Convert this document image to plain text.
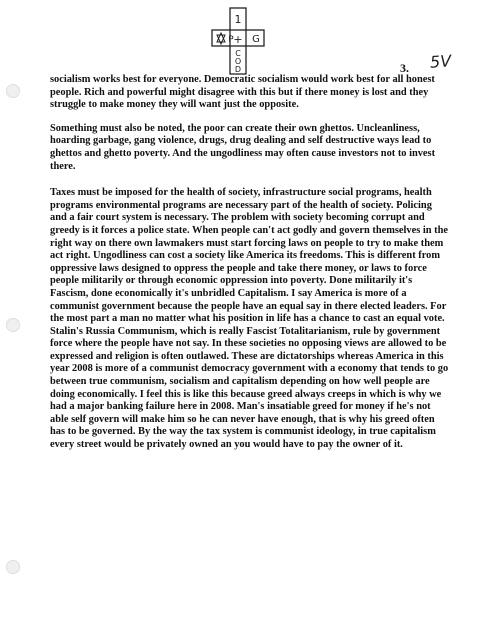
1
+
P G
C
O
D	3. 5V

socialism works best for everyone. Democratic socialism would work best for all honest people. Rich and powerful might disagree with this but if there money is lost and they struggle to make money they will want just the opposite.

Something must also be noted, the poor can create their own ghettos. Uncleanliness, hoarding garbage, gang violence, drugs, drug dealing and self destructive ways lead to ghettos and ghetto poverty. And the ungodliness may often cause investors not to invest there.

Taxes must be imposed for the health of society, infrastructure social programs, health programs environmental programs are necessary part of the health of society. Policing and a fair court system is necessary. The problem with society becoming corrupt and greedy is it forces a police state. When people can't act godly and govern themselves in the right way on there own lawmakers must start forcing laws on people to try to make them act right. Ungodliness can cost a society like America its freedoms. This is different from oppressive laws designed to oppress the people and take there money, or laws to force people militarily or through economic oppression into poverty. Done militarily it's Fascism, done economically it's unbridled Capitalism. I say America is more of a communist government because the people have an equal say in there elected leaders. For the most part a man no matter what his position in life has a chance to cast an equal vote. Stalin's Russia Communism, which is really Fascist Totalitarianism, rule by government force where the people have not say. In these societies no opposing views are allowed to be expressed and religion is often outlawed. These are dictatorships whereas America in this year 2008 is more of a communist democracy government with a economy that tends to go between true communism, socialism and capitalism depending on how well people are doing economically. I feel this is like this because greed always creeps in which is why we had a major banking failure here in 2008. Man's insatiable greed for money if he's not able self govern will make him so he can never have enough, that is why his greed often has to be governed. By the way the tax system is communist ideology, in true capitalism every street would be privately owned an you would have to pay the owner of it.
